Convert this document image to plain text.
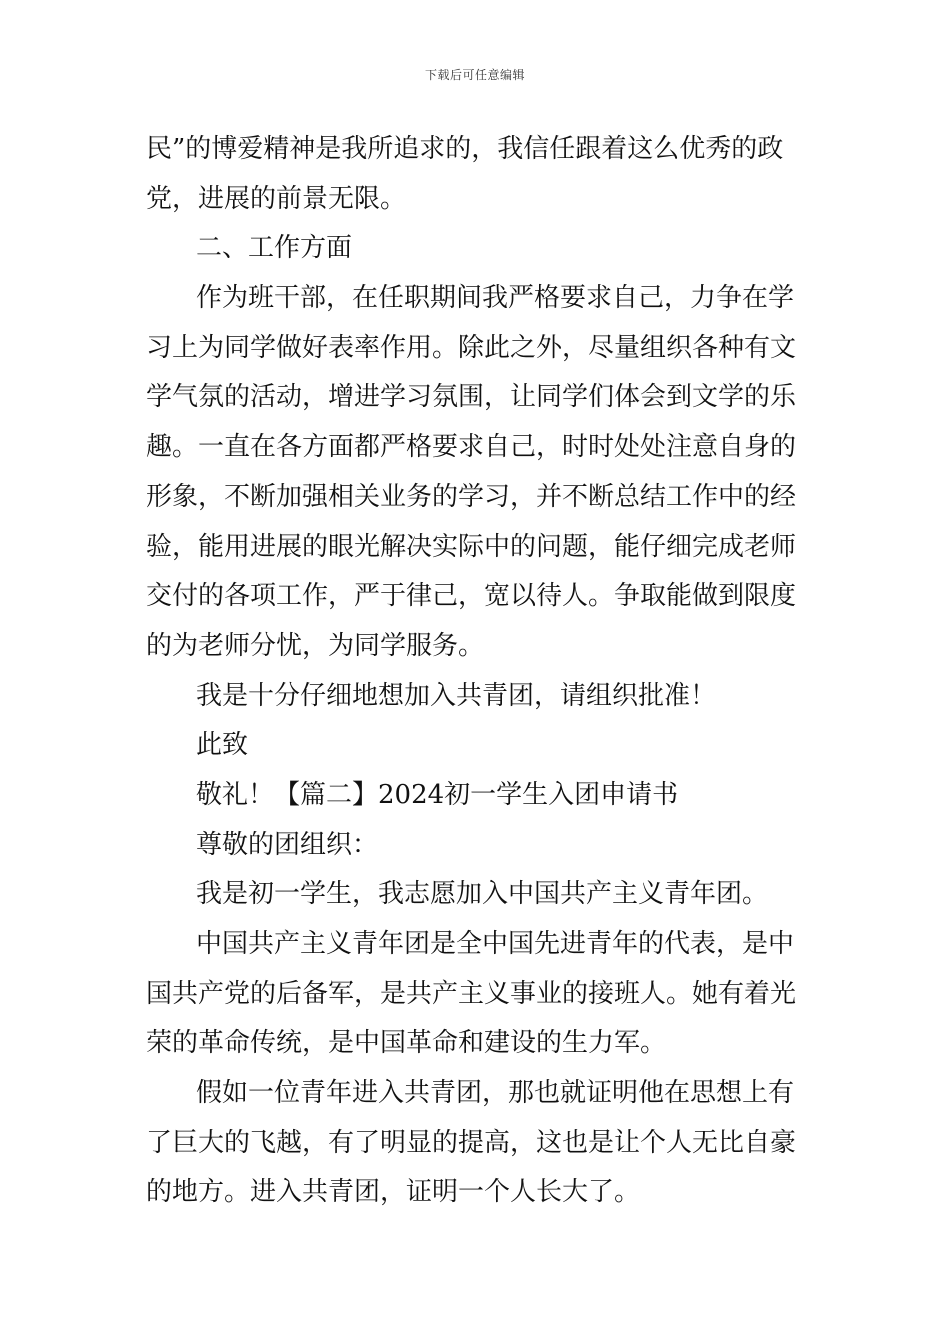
下载后可任意编辑
民”的博爱精神是我所追求的，我信任跟着这么优秀的政
党，进展的前景无限。
二、工作方面
作为班干部，在任职期间我严格要求自己，力争在学
习上为同学做好表率作用。除此之外，尽量组织各种有文
学气氛的活动，增进学习氛围，让同学们体会到文学的乐
趣。一直在各方面都严格要求自己，时时处处注意自身的
形象，不断加强相关业务的学习，并不断总结工作中的经
验，能用进展的眼光解决实际中的问题，能仔细完成老师
交付的各项工作，严于律己，宽以待人。争取能做到限度
的为老师分忧，为同学服务。
我是十分仔细地想加入共青团，请组织批准！
此致
敬礼！【篇二】2024初一学生入团申请书
尊敬的团组织：
我是初一学生，我志愿加入中国共产主义青年团。
中国共产主义青年团是全中国先进青年的代表，是中
国共产党的后备军，是共产主义事业的接班人。她有着光
荣的革命传统，是中国革命和建设的生力军。
假如一位青年进入共青团，那也就证明他在思想上有
了巨大的飞越，有了明显的提高，这也是让个人无比自豪
的地方。进入共青团，证明一个人长大了。
